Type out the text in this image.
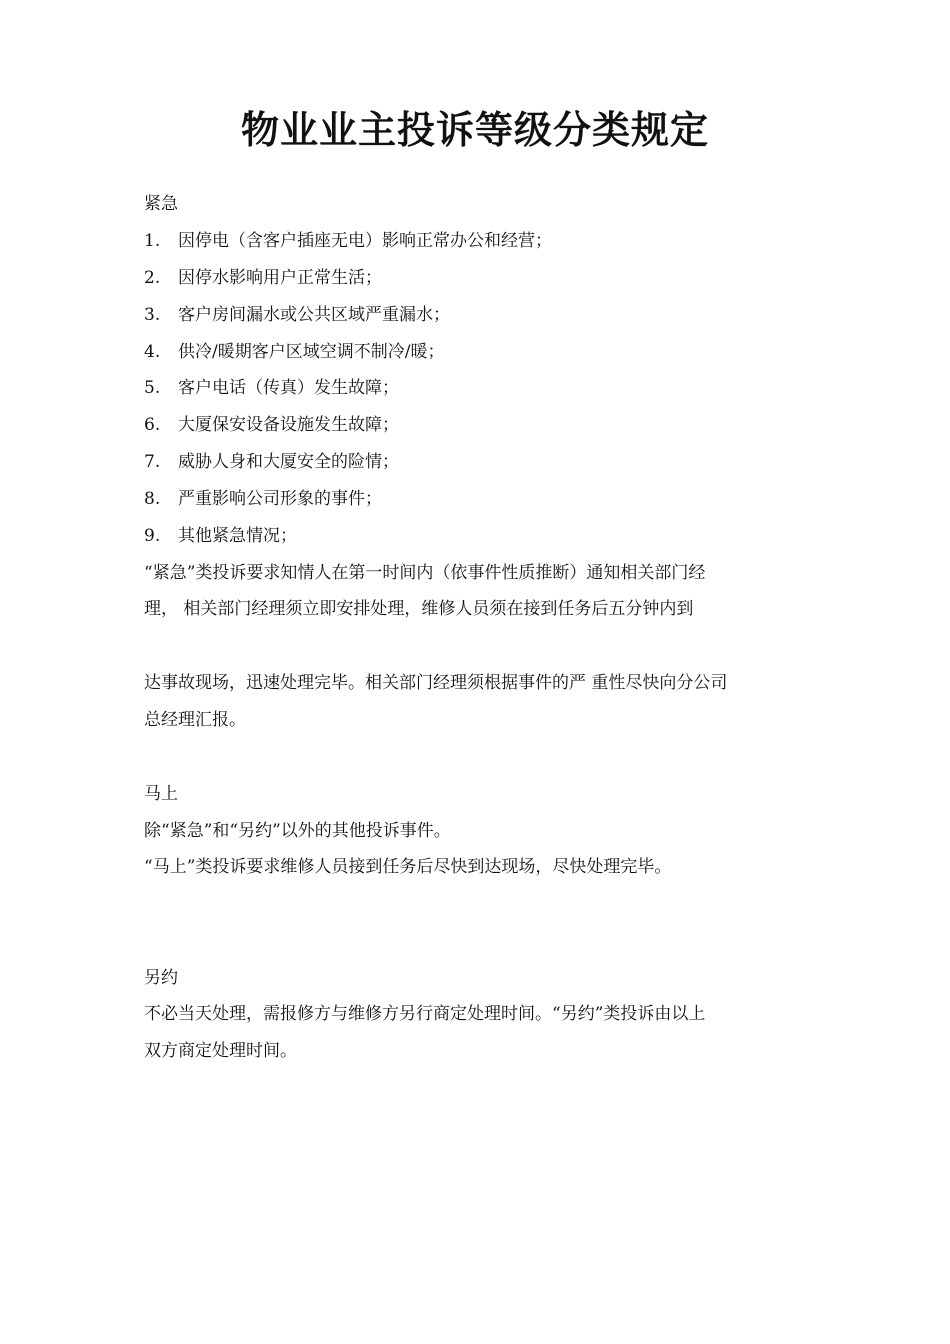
物业业主投诉等级分类规定
紧急
1. 因停电（含客户插座无电）影响正常办公和经营；
2. 因停水影响用户正常生活；
3. 客户房间漏水或公共区域严重漏水；
4. 供冷/暖期客户区域空调不制冷/暖；
5. 客户电话（传真）发生故障；
6. 大厦保安设备设施发生故障；
7. 威胁人身和大厦安全的险情；
8. 严重影响公司形象的事件；
9. 其他紧急情况；
“紧急”类投诉要求知情人在第一时间内（依事件性质推断）通知相关部门经
理， 相关部门经理须立即安排处理，维修人员须在接到任务后五分钟内到
达事故现场，迅速处理完毕。相关部门经理须根据事件的严 重性尽快向分公司
总经理汇报。
马上
除“紧急”和“另约”以外的其他投诉事件。
“马上”类投诉要求维修人员接到任务后尽快到达现场，尽快处理完毕。
另约
不必当天处理，需报修方与维修方另行商定处理时间。“另约”类投诉由以上
双方商定处理时间。
